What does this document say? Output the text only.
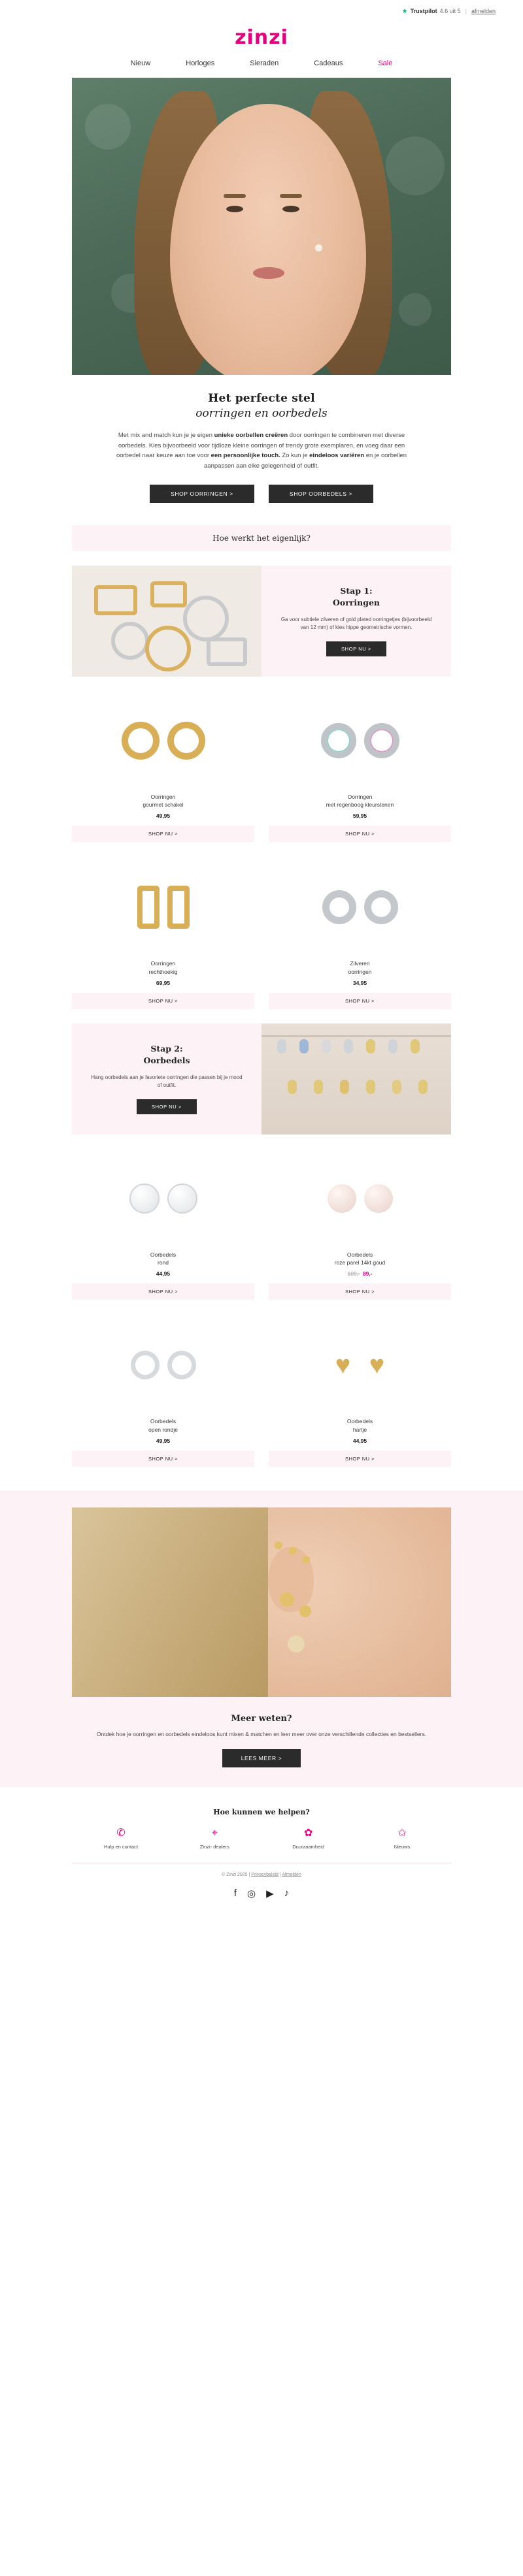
★ Trustpilot 4.6 uit 5 | afmelden
zinzi
Nieuw	Horloges	Sieraden	Cadeaus	Sale
Het perfecte stel
oorringen en oorbedels

Met mix and match kun je je eigen unieke oorbellen creëren door oorringen te combineren met diverse oorbedels. Kies bijvoorbeeld voor tijdloze kleine oorringen of trendy grote exemplaren, en voeg daar een oorbedel naar keuze aan toe voor een persoonlijke touch. Zo kun je eindeloos variëren en je oorbellen aanpassen aan elke gelegenheid of outfit.

SHOP OORRINGEN >	SHOP OORBEDELS >
Hoe werkt het eigenlijk?
Stap 1:
Oorringen

Ga voor subtiele zilveren of gold plated oorringetjes (bijvoorbeeld van 12 mm) of kies hippe geometrische vormen.

SHOP NU >
Oorringen
gourmet schakel
49,95
SHOP NU >
Oorringen
met regenboog kleurstenen
59,95
SHOP NU >
Oorringen
rechthoekig
69,95
SHOP NU >
Zilveren
oorringen
34,95
SHOP NU >
Stap 2:
Oorbedels

Hang oorbedels aan je favoriete oorringen die passen bij je mood of outfit.

SHOP NU >
Oorbedels
rond
44,95
SHOP NU >
Oorbedels
roze parel 14kt goud
109,- 89,-
SHOP NU >
Oorbedels
open rondje
49,95
SHOP NU >
♥ ♥
Oorbedels
hartje
44,95
SHOP NU >
Meer weten?

Ontdek hoe je oorringen en oorbedels eindeloos kunt mixen & matchen en leer meer over onze verschillende collecties en bestsellers.

LEES MEER >
Hoe kunnen we helpen?
✆
Hulp en contact
⌖
Zinzi- dealers
✿
Duurzaamheid
✩
Nieuws
© Zinzi 2025 | Privacybeleid | Afmelden
f ◎ ▶ ♪
